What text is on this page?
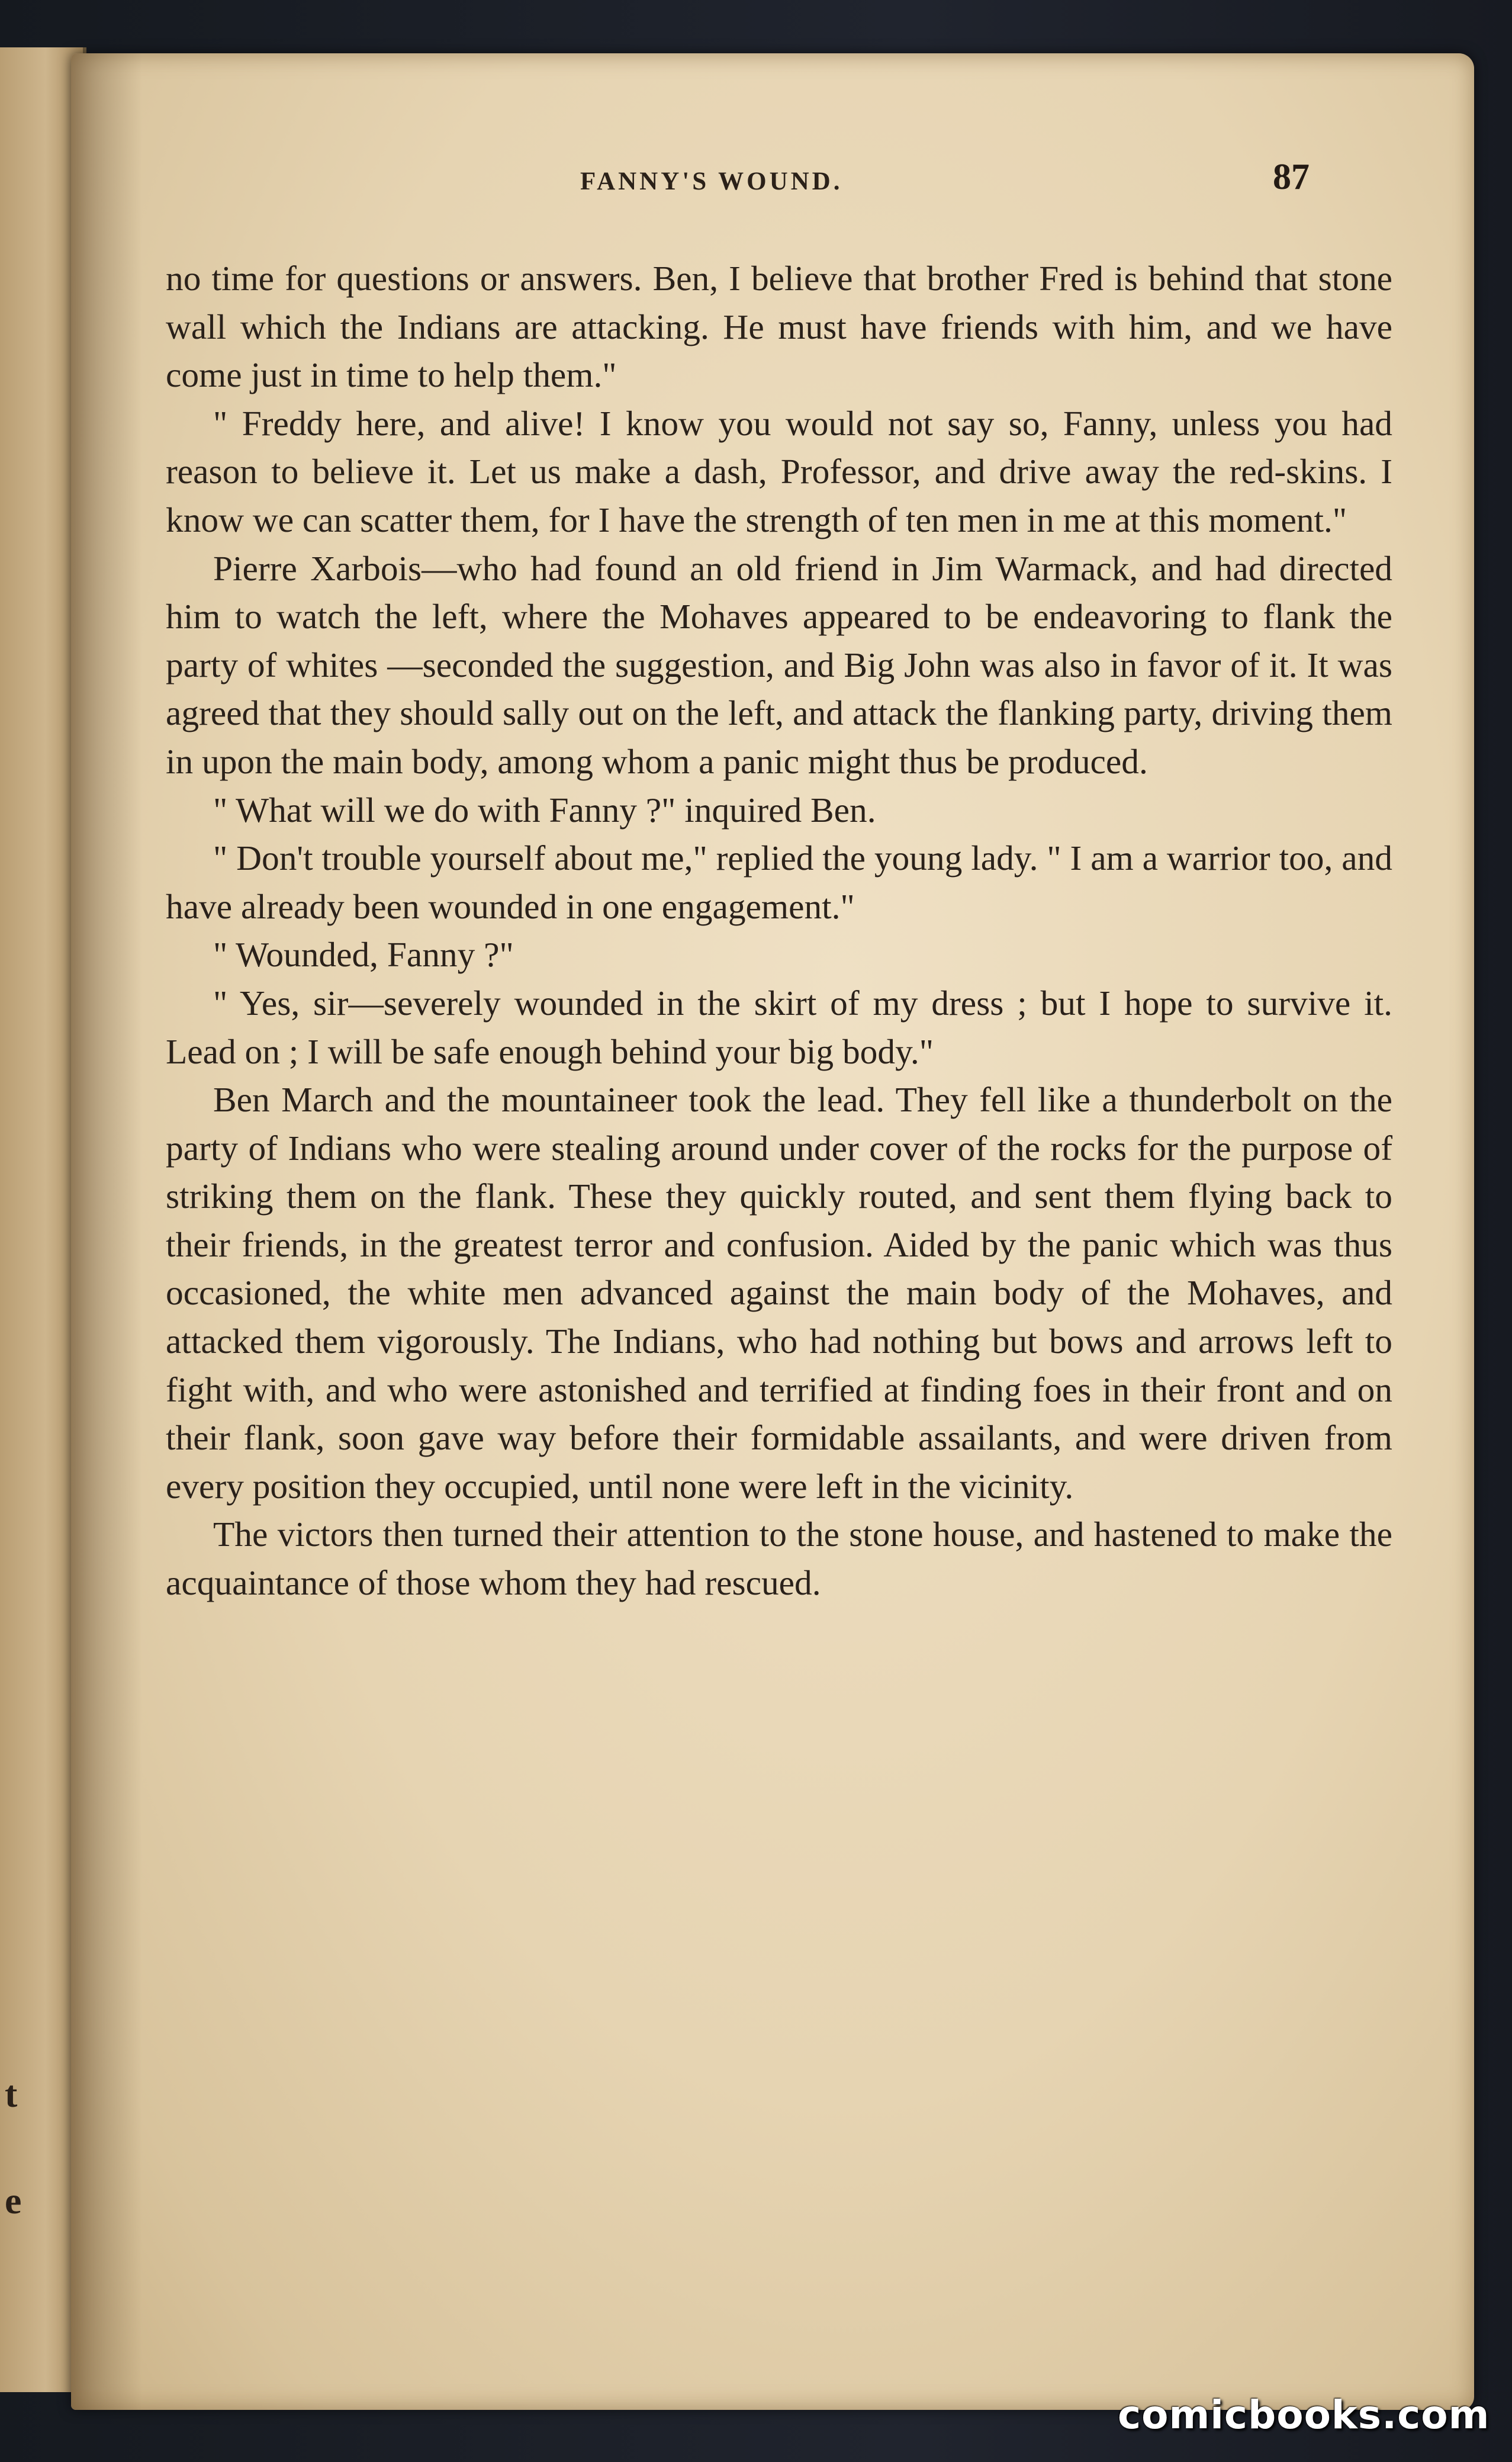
t
e
FANNY'S WOUND.	87

no time for questions or answers. Ben, I believe that brother Fred is behind that stone wall which the Indians are attacking. He must have friends with him, and we have come just in time to help them."

" Freddy here, and alive! I know you would not say so, Fanny, unless you had reason to believe it. Let us make a dash, Professor, and drive away the red-skins. I know we can scatter them, for I have the strength of ten men in me at this moment."

Pierre Xarbois—who had found an old friend in Jim Warmack, and had directed him to watch the left, where the Mohaves appeared to be endeavoring to flank the party of whites —seconded the suggestion, and Big John was also in favor of it. It was agreed that they should sally out on the left, and attack the flanking party, driving them in upon the main body, among whom a panic might thus be produced.

" What will we do with Fanny ?" inquired Ben.

" Don't trouble yourself about me," replied the young lady. " I am a warrior too, and have already been wounded in one engagement."

" Wounded, Fanny ?"

" Yes, sir—severely wounded in the skirt of my dress ; but I hope to survive it. Lead on ; I will be safe enough behind your big body."

Ben March and the mountaineer took the lead. They fell like a thunderbolt on the party of Indians who were stealing around under cover of the rocks for the purpose of striking them on the flank. These they quickly routed, and sent them flying back to their friends, in the greatest terror and confusion. Aided by the panic which was thus occasioned, the white men advanced against the main body of the Mohaves, and attacked them vigorously. The Indians, who had nothing but bows and arrows left to fight with, and who were astonished and terrified at finding foes in their front and on their flank, soon gave way before their formidable assailants, and were driven from every position they occupied, until none were left in the vicinity.

The victors then turned their attention to the stone house, and hastened to make the acquaintance of those whom they had rescued.

comicbooks.com
